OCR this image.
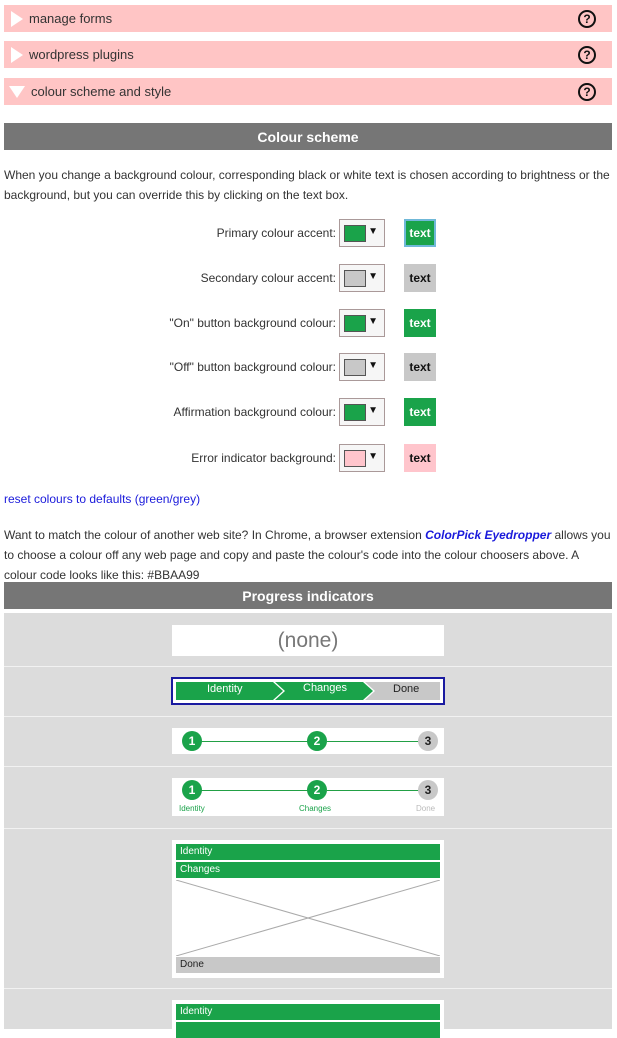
manage forms	?
wordpress plugins	?
colour scheme and style	?
Colour scheme
When you change a background colour, corresponding black or white text is chosen according to brightness or the background, but you can override this by clicking on the text box.
Primary colour accent:	▼	text
Secondary colour accent:	▼	text
"On" button background colour:	▼	text
"Off" button background colour:	▼	text
Affirmation background colour:	▼	text
Error indicator background:	▼	text
reset colours to defaults (green/grey)
Want to match the colour of another web site? In Chrome, a browser extension ColorPick Eyedropper allows you to choose a colour off any web page and copy and paste the colour's code into the colour choosers above. A colour code looks like this: #BBAA99
Progress indicators
(none)
Identity	Changes	Done
1	2	3
1	2	3
Identity	Changes	Done
Identity
Changes
Done
Identity
